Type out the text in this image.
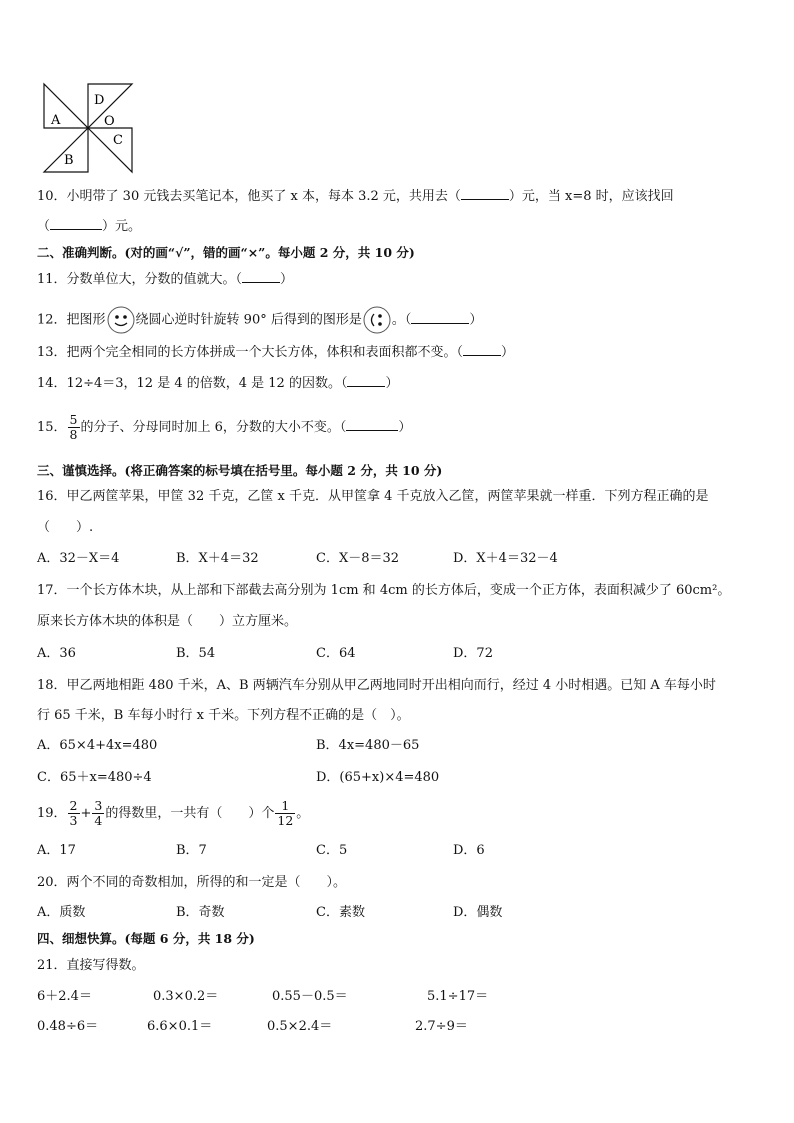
A
B
C
D
O
10．小明带了 30 元钱去买笔记本，他买了 x 本，每本 3.2 元，共用去（	）元，当 x=8 时，应该找回
（	）元。
二、准确判断。(对的画“√”，错的画“×”。每小题 2 分，共 10 分)
11．分数单位大，分数的值就大。（	）
12．把图形 绕圆心逆时针旋转 90° 后得到的图形是 。（	）
13．把两个完全相同的长方体拼成一个大长方体，体积和表面积都不变。（	）
14．12÷4＝3，12 是 4 的倍数，4 是 12 的因数。（	）
15． $\frac{5}{8}$ 的分子、分母同时加上 6，分数的大小不变。（	）
三、谨慎选择。(将正确答案的标号填在括号里。每小题 2 分，共 10 分)
16．甲乙两筐苹果，甲筐 32 千克，乙筐 x 千克．从甲筐拿 4 千克放入乙筐，两筐苹果就一样重．下列方程正确的是
（　　）.
A．32－X＝4	B．X＋4＝32	C．X－8＝32	D．X＋4＝32－4
17．一个长方体木块，从上部和下部截去高分别为 1cm 和 4cm 的长方体后，变成一个正方体，表面积减少了 60cm²。
原来长方体木块的体积是（　　）立方厘米。
A．36	B．54	C．64	D．72
18．甲乙两地相距 480 千米，A、B 两辆汽车分别从甲乙两地同时开出相向而行，经过 4 小时相遇。已知 A 车每小时
行 65 千米，B 车每小时行 x 千米。下列方程不正确的是（　）。
A．65×4+4x=480	B．4x=480－65
C．65＋x=480÷4	D．(65+x)×4=480
19． $\frac{2}{3} + \frac{3}{4}$ 的得数里，一共有（　　）个 $\frac{1}{12}$ 。
A．17	B．7	C．5	D．6
20．两个不同的奇数相加，所得的和一定是（　　）。
A．质数	B．奇数	C．素数	D．偶数
四、细想快算。(每题 6 分，共 18 分)
21．直接写得数。
6＋2.4＝	0.3×0.2＝	0.55－0.5＝	5.1÷17＝
0.48÷6＝	6.6×0.1＝	0.5×2.4＝	2.7÷9＝
